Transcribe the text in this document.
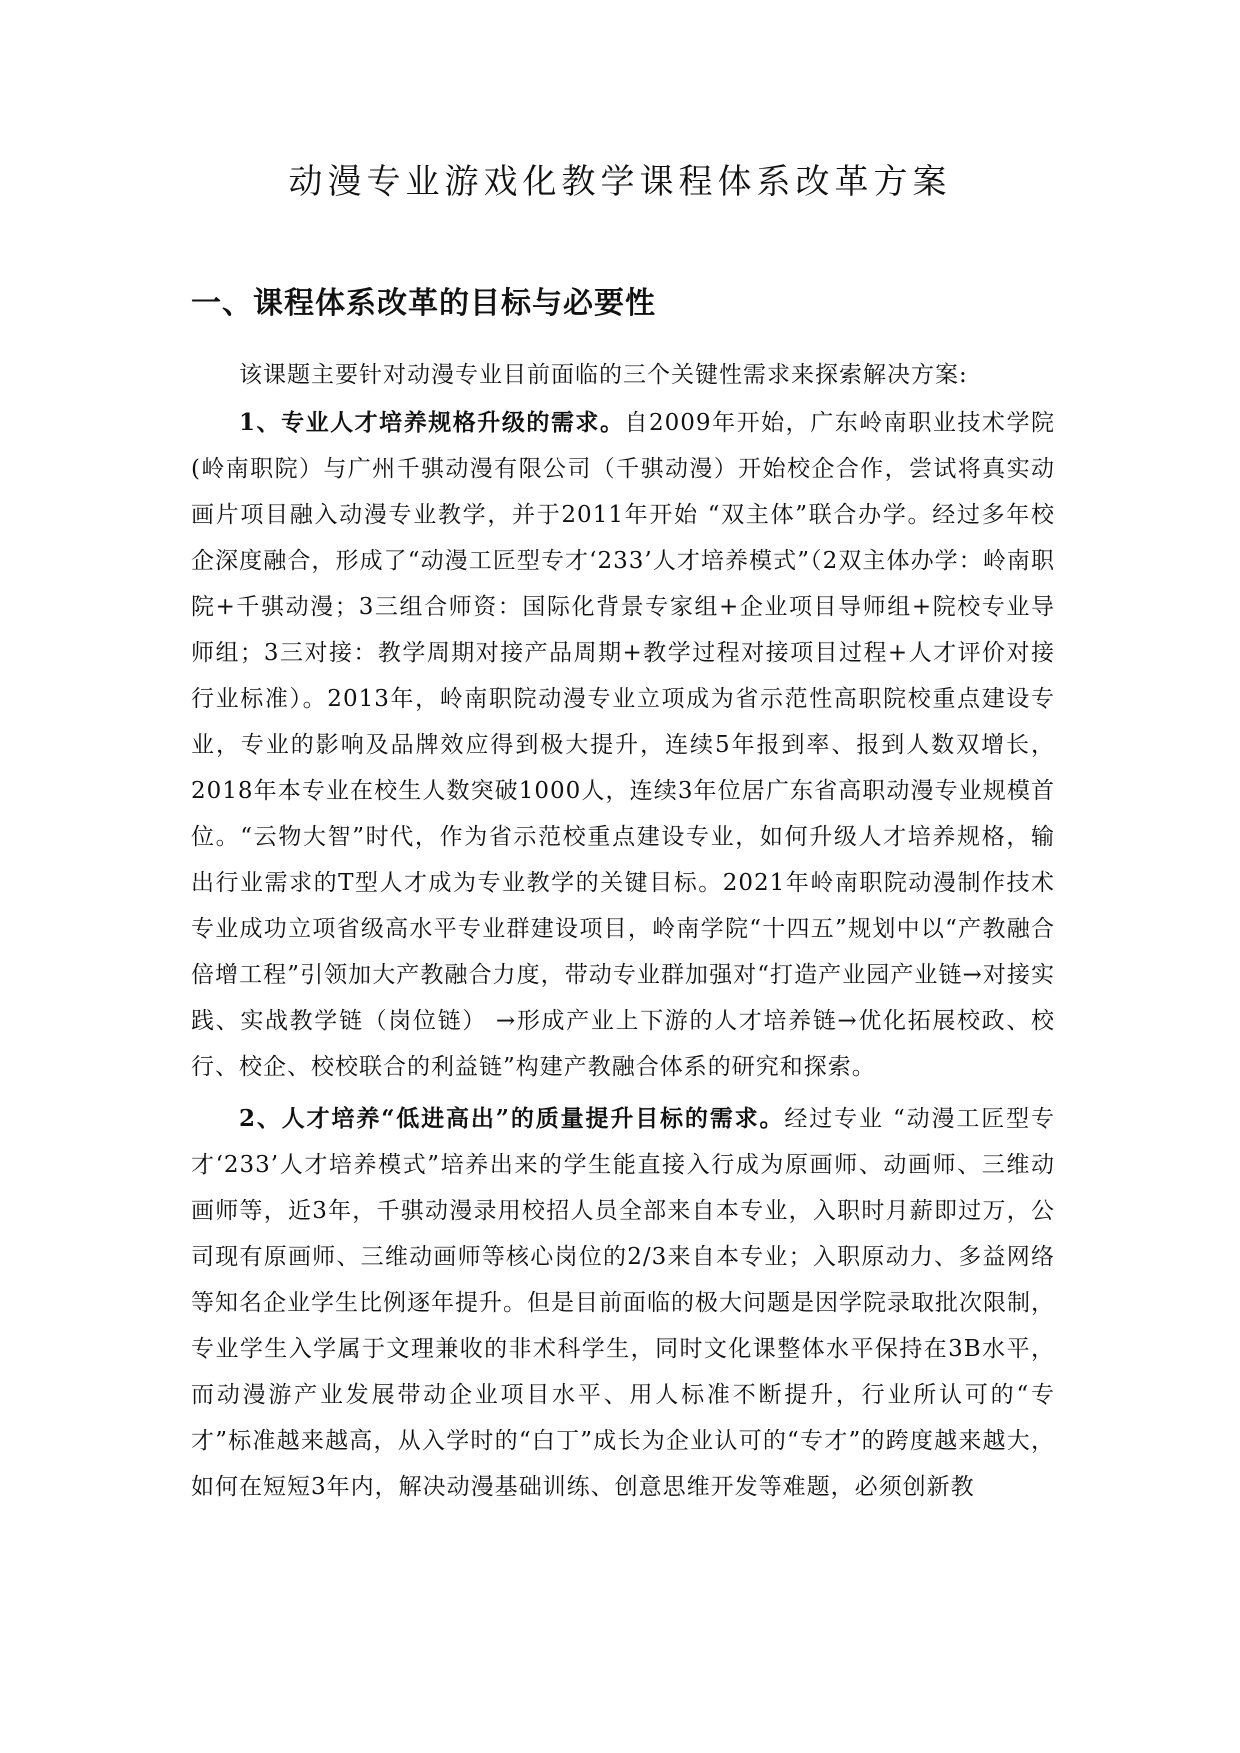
动漫专业游戏化教学课程体系改革方案
一、课程体系改革的目标与必要性

该课题主要针对动漫专业目前面临的三个关键性需求来探索解决方案:

1、专业人才培养规格升级的需求。自2009年开始，广东岭南职业技术学院(岭南职院）与广州千骐动漫有限公司（千骐动漫）开始校企合作，尝试将真实动画片项目融入动漫专业教学，并于2011年开始 “双主体”联合办学。经过多年校企深度融合，形成了“动漫工匠型专才‘233’人才培养模式”（2双主体办学：岭南职院+千骐动漫；3三组合师资：国际化背景专家组+企业项目导师组+院校专业导师组；3三对接：教学周期对接产品周期+教学过程对接项目过程+人才评价对接行业标准）。2013年，岭南职院动漫专业立项成为省示范性高职院校重点建设专业，专业的影响及品牌效应得到极大提升，连续5年报到率、报到人数双增长，2018年本专业在校生人数突破1000人，连续3年位居广东省高职动漫专业规模首位。“云物大智”时代，作为省示范校重点建设专业，如何升级人才培养规格，输出行业需求的T型人才成为专业教学的关键目标。2021年岭南职院动漫制作技术专业成功立项省级高水平专业群建设项目，岭南学院“十四五”规划中以“产教融合倍增工程”引领加大产教融合力度，带动专业群加强对“打造产业园产业链→对接实践、实战教学链（岗位链） →形成产业上下游的人才培养链→优化拓展校政、校行、校企、校校联合的利益链”构建产教融合体系的研究和探索。

2、人才培养“低进高出”的质量提升目标的需求。经过专业 “动漫工匠型专才‘233’人才培养模式”培养出来的学生能直接入行成为原画师、动画师、三维动画师等，近3年，千骐动漫录用校招人员全部来自本专业，入职时月薪即过万，公司现有原画师、三维动画师等核心岗位的2/3来自本专业；入职原动力、多益网络等知名企业学生比例逐年提升。但是目前面临的极大问题是因学院录取批次限制，专业学生入学属于文理兼收的非术科学生，同时文化课整体水平保持在3B水平，而动漫游产业发展带动企业项目水平、用人标准不断提升，行业所认可的“专才”标准越来越高，从入学时的“白丁”成长为企业认可的“专才”的跨度越来越大，如何在短短3年内，解决动漫基础训练、创意思维开发等难题，必须创新教
